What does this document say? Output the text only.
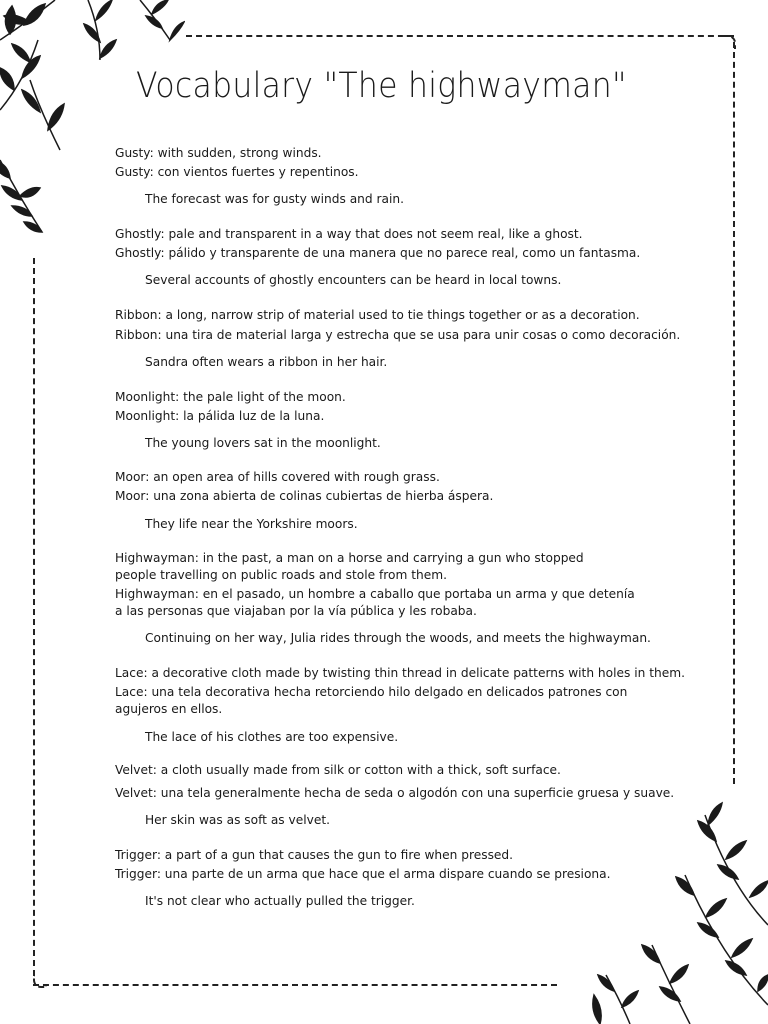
Vocabulary "The highwayman"
Gusty: with sudden, strong winds.
Gusty: con vientos fuertes y repentinos.
The forecast was for gusty winds and rain.
Ghostly: pale and transparent in a way that does not seem real, like a ghost.
Ghostly: pálido y transparente de una manera que no parece real, como un fantasma.
Several accounts of ghostly encounters can be heard in local towns.
Ribbon: a long, narrow strip of material used to tie things together or as a decoration.
Ribbon: una tira de material larga y estrecha que se usa para unir cosas o como decoración.
Sandra often wears a ribbon in her hair.
Moonlight: the pale light of the moon.
Moonlight: la pálida luz de la luna.
The young lovers sat in the moonlight.
Moor: an open area of hills covered with rough grass.
Moor: una zona abierta de colinas cubiertas de hierba áspera.
They life near the Yorkshire moors.
Highwayman: in the past, a man on a horse and carrying a gun who stopped
people travelling on public roads and stole from them.
Highwayman: en el pasado, un hombre a caballo que portaba un arma y que detenía
a las personas que viajaban por la vía pública y les robaba.
Continuing on her way, Julia rides through the woods, and meets the highwayman.
Lace: a decorative cloth made by twisting thin thread in delicate patterns with holes in them.
Lace: una tela decorativa hecha retorciendo hilo delgado en delicados patrones con
agujeros en ellos.
The lace of his clothes are too expensive.
Velvet: a cloth usually made from silk or cotton with a thick, soft surface.
Velvet: una tela generalmente hecha de seda o algodón con una superficie gruesa y suave.
Her skin was as soft as velvet.
Trigger: a part of a gun that causes the gun to fire when pressed.
Trigger: una parte de un arma que hace que el arma dispare cuando se presiona.
It's not clear who actually pulled the trigger.
